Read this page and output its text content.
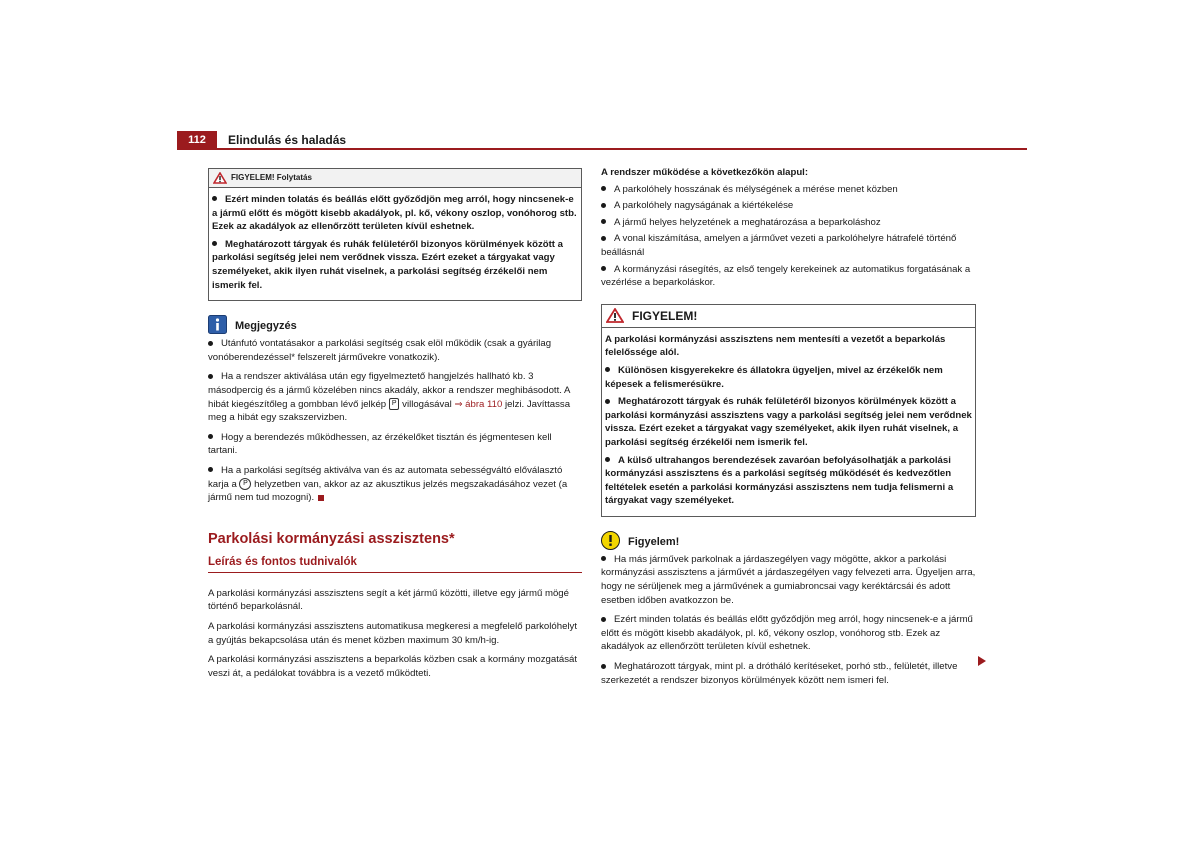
112	Elindulás és haladás
FIGYELEM! Folytatás
Ezért minden tolatás és beállás előtt győződjön meg arról, hogy nincsenek-e a jármű előtt és mögött kisebb akadályok, pl. kő, vékony oszlop, vonóhorog stb. Ezek az akadályok az ellenőrzött területen kívül eshetnek.
Meghatározott tárgyak és ruhák felületéről bizonyos körülmények között a parkolási segítség jelei nem verődnek vissza. Ezért ezeket a tárgyakat vagy személyeket, akik ilyen ruhát viselnek, a parkolási segítség érzékelői nem ismerik fel.
Megjegyzés
Utánfutó vontatásakor a parkolási segítség csak elöl működik (csak a gyárilag vonóberendezéssel* felszerelt járművekre vonatkozik).
Ha a rendszer aktiválása után egy figyelmeztető hangjelzés hallható kb. 3 másodpercig és a jármű közelében nincs akadály, akkor a rendszer meghibásodott. A hibát kiegészítőleg a gombban lévő jelkép P villogásával ⇒ ábra 110 jelzi. Javíttassa meg a hibát egy szakszervizben.
Hogy a berendezés működhessen, az érzékelőket tisztán és jégmentesen kell tartani.
Ha a parkolási segítség aktiválva van és az automata sebességváltó előválasztó karja a P helyzetben van, akkor az az akusztikus jelzés megszakadásához vezet (a jármű nem tud mozogni).
Parkolási kormányzási asszisztens*
Leírás és fontos tudnivalók

A parkolási kormányzási asszisztens segít a két jármű közötti, illetve egy jármű mögé történő beparkolásnál.

A parkolási kormányzási asszisztens automatikusa megkeresi a megfelelő parkolóhelyt a gyújtás bekapcsolása után és menet közben maximum 30 km/h-ig.

A parkolási kormányzási asszisztens a beparkolás közben csak a kormány mozgatását veszi át, a pedálokat továbbra is a vezető működteti.

A rendszer működése a következőkön alapul:

A parkolóhely hosszának és mélységének a mérése menet közben
A parkolóhely nagyságának a kiértékelése
A jármű helyes helyzetének a meghatározása a beparkoláshoz
A vonal kiszámítása, amelyen a járművet vezeti a parkolóhelyre hátrafelé történő beállásnál
A kormányzási rásegítés, az első tengely kerekeinek az automatikus forgatásának a vezérlése a beparkoláskor.
FIGYELEM!

A parkolási kormányzási asszisztens nem mentesíti a vezetőt a beparkolás felelőssége alól.

Különösen kisgyerekekre és állatokra ügyeljen, mivel az érzékelők nem képesek a felismerésükre.
Meghatározott tárgyak és ruhák felületéről bizonyos körülmények között a parkolási kormányzási asszisztens vagy a parkolási segítség jelei nem verődnek vissza. Ezért ezeket a tárgyakat vagy személyeket, akik ilyen ruhát viselnek, a parkolási segítség érzékelői nem ismerik fel.
A külső ultrahangos berendezések zavaróan befolyásolhatják a parkolási kormányzási asszisztens és a parkolási segítség működését és kedvezőtlen feltételek esetén a parkolási kormányzási asszisztens nem tudja felismerni a tárgyakat vagy személyeket.
Figyelem!
Ha más járművek parkolnak a járdaszegélyen vagy mögötte, akkor a parkolási kormányzási asszisztens a járművét a járdaszegélyen vagy felvezeti arra. Ügyeljen arra, hogy ne sérüljenek meg a járművének a gumiabroncsai vagy keréktárcsái és adott esetben időben avatkozzon be.
Ezért minden tolatás és beállás előtt győződjön meg arról, hogy nincsenek-e a jármű előtt és mögött kisebb akadályok, pl. kő, vékony oszlop, vonóhorog stb. Ezek az akadályok az ellenőrzött területen kívül eshetnek.
Meghatározott tárgyak, mint pl. a drótháló kerítéseket, porhó stb., felületét, illetve szerkezetét a rendszer bizonyos körülmények között nem ismeri fel.
